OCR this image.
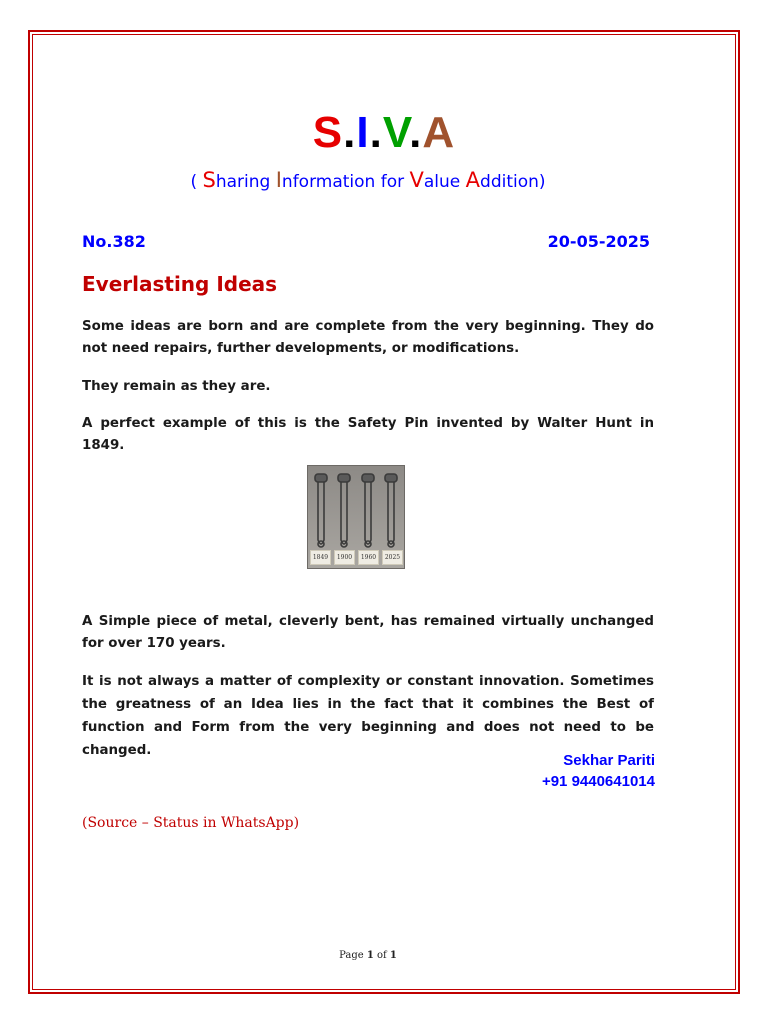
S.I.V.A
( Sharing Information for Value Addition)
No.382	20-05-2025
Everlasting Ideas

Some ideas are born and are complete from the very beginning. They do not need repairs, further developments, or modifications.

They remain as they are.

A perfect example of this is the Safety Pin invented by Walter Hunt in 1849.

1849	1900	1960	2025

A Simple piece of metal, cleverly bent, has remained virtually unchanged for over 170 years.

It is not always a matter of complexity or constant innovation. Sometimes the greatness of an Idea lies in the fact that it combines the Best of function and Form from the very beginning and does not need to be changed.

Sekhar Pariti
+91 9440641014
(Source – Status in WhatsApp)
Page 1 of 1
